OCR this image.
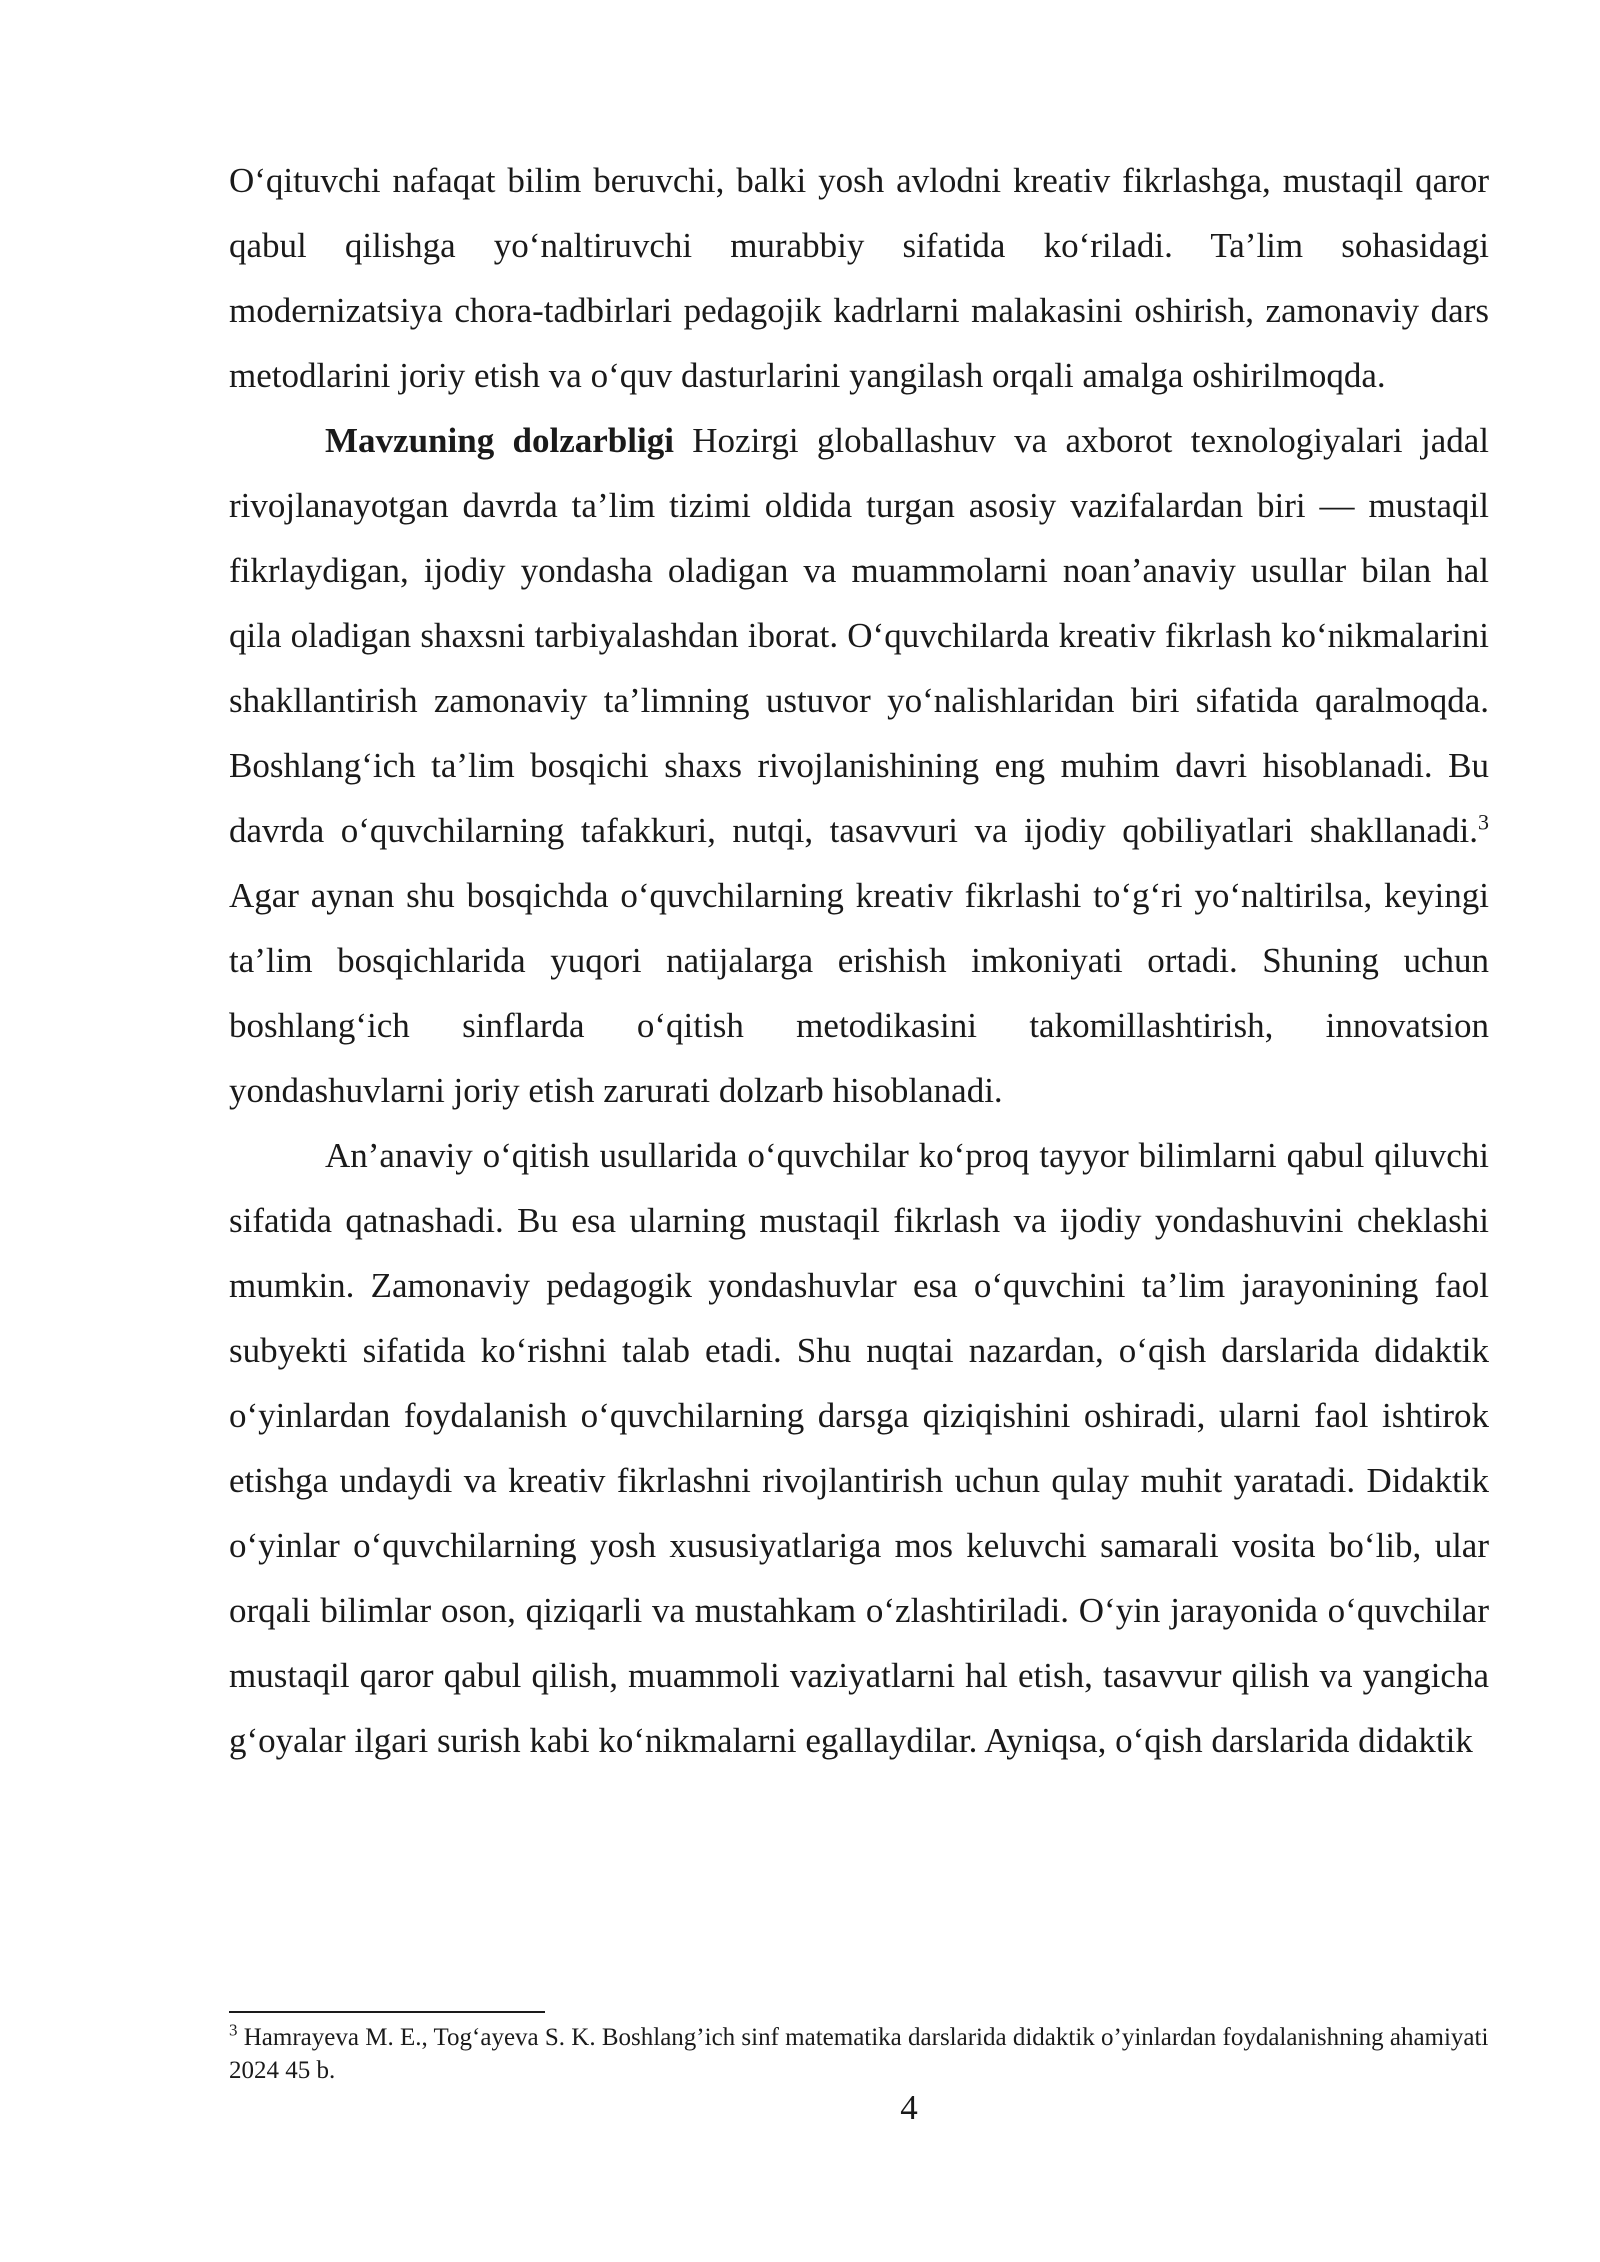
O‘qituvchi nafaqat bilim beruvchi, balki yosh avlodni kreativ fikrlashga, mustaqil qaror qabul qilishga yo‘naltiruvchi murabbiy sifatida ko‘riladi. Ta’lim sohasidagi modernizatsiya chora-tadbirlari pedagojik kadrlarni malakasini oshirish, zamonaviy dars metodlarini joriy etish va o‘quv dasturlarini yangilash orqali amalga oshirilmoqda.

Mavzuning dolzarbligi Hozirgi globallashuv va axborot texnologiyalari jadal rivojlanayotgan davrda ta’lim tizimi oldida turgan asosiy vazifalardan biri — mustaqil fikrlaydigan, ijodiy yondasha oladigan va muammolarni noan’anaviy usullar bilan hal qila oladigan shaxsni tarbiyalashdan iborat. O‘quvchilarda kreativ fikrlash ko‘nikmalarini shakllantirish zamonaviy ta’limning ustuvor yo‘nalishlaridan biri sifatida qaralmoqda. Boshlang‘ich ta’lim bosqichi shaxs rivojlanishining eng muhim davri hisoblanadi. Bu davrda o‘quvchilarning tafakkuri, nutqi, tasavvuri va ijodiy qobiliyatlari shakllanadi.$^3$ Agar aynan shu bosqichda o‘quvchilarning kreativ fikrlashi to‘g‘ri yo‘naltirilsa, keyingi ta’lim bosqichlarida yuqori natijalarga erishish imkoniyati ortadi. Shuning uchun boshlang‘ich sinflarda o‘qitish metodikasini takomillashtirish, innovatsion yondashuvlarni joriy etish zarurati dolzarb hisoblanadi.

An’anaviy o‘qitish usullarida o‘quvchilar ko‘proq tayyor bilimlarni qabul qiluvchi sifatida qatnashadi. Bu esa ularning mustaqil fikrlash va ijodiy yondashuvini cheklashi mumkin. Zamonaviy pedagogik yondashuvlar esa o‘quvchini ta’lim jarayonining faol subyekti sifatida ko‘rishni talab etadi. Shu nuqtai nazardan, o‘qish darslarida didaktik o‘yinlardan foydalanish o‘quvchilarning darsga qiziqishini oshiradi, ularni faol ishtirok etishga undaydi va kreativ fikrlashni rivojlantirish uchun qulay muhit yaratadi. Didaktik o‘yinlar o‘quvchilarning yosh xususiyatlariga mos keluvchi samarali vosita bo‘lib, ular orqali bilimlar oson, qiziqarli va mustahkam o‘zlashtiriladi. O‘yin jarayonida o‘quvchilar mustaqil qaror qabul qilish, muammoli vaziyatlarni hal etish, tasavvur qilish va yangicha g‘oyalar ilgari surish kabi ko‘nikmalarni egallaydilar. Ayniqsa, o‘qish darslarida didaktik

$^3$ Hamrayeva M. E., Tog‘ayeva S. K. Boshlang’ich sinf matematika darslarida didaktik o’yinlardan foydalanishning ahamiyati 2024 45 b.

4
